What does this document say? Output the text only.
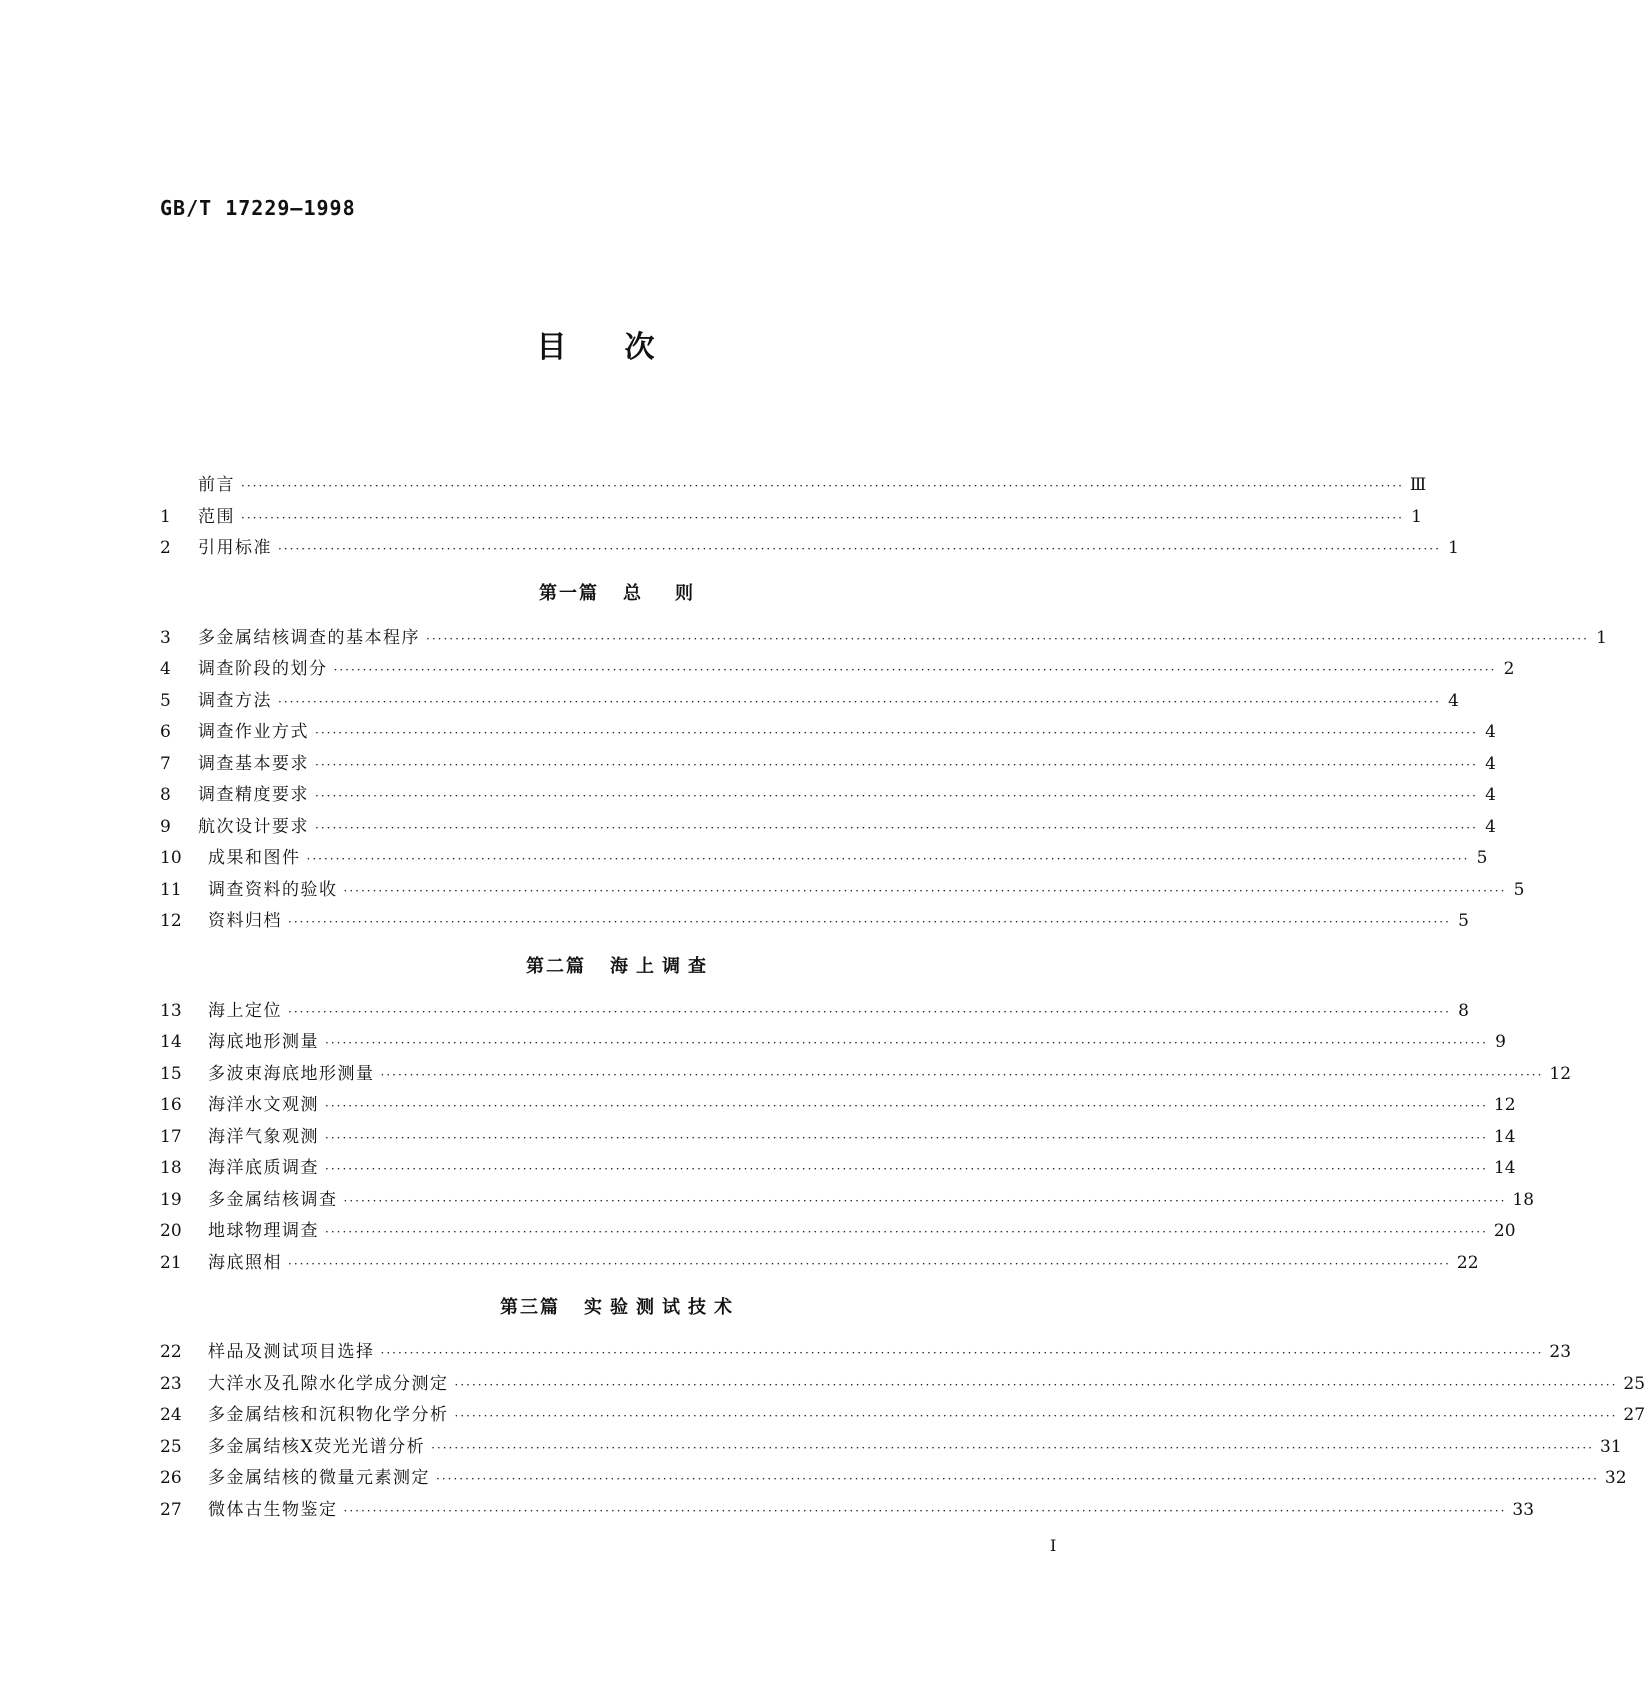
GB/T 17229—1998
目次
前言 ········································································································································································································ Ⅲ
1	范围 ········································································································································································································ 1
2	引用标准 ········································································································································································································ 1
第一篇 总　则
3	多金属结核调查的基本程序 ········································································································································································································ 1
4	调查阶段的划分 ········································································································································································································ 2
5	调查方法 ········································································································································································································ 4
6	调查作业方式 ········································································································································································································ 4
7	调查基本要求 ········································································································································································································ 4
8	调查精度要求 ········································································································································································································ 4
9	航次设计要求 ········································································································································································································ 4
10	成果和图件 ········································································································································································································ 5
11	调查资料的验收 ········································································································································································································ 5
12	资料归档 ········································································································································································································ 5
第二篇 海上调查
13	海上定位 ········································································································································································································ 8
14	海底地形测量 ········································································································································································································ 9
15	多波束海底地形测量 ········································································································································································································ 12
16	海洋水文观测 ········································································································································································································ 12
17	海洋气象观测 ········································································································································································································ 14
18	海洋底质调查 ········································································································································································································ 14
19	多金属结核调查 ········································································································································································································ 18
20	地球物理调查 ········································································································································································································ 20
21	海底照相 ········································································································································································································ 22
第三篇 实验测试技术
22	样品及测试项目选择 ········································································································································································································ 23
23	大洋水及孔隙水化学成分测定 ········································································································································································································ 25
24	多金属结核和沉积物化学分析 ········································································································································································································ 27
25	多金属结核X荧光光谱分析 ········································································································································································································ 31
26	多金属结核的微量元素测定 ········································································································································································································ 32
27	微体古生物鉴定 ········································································································································································································ 33
Ⅰ
